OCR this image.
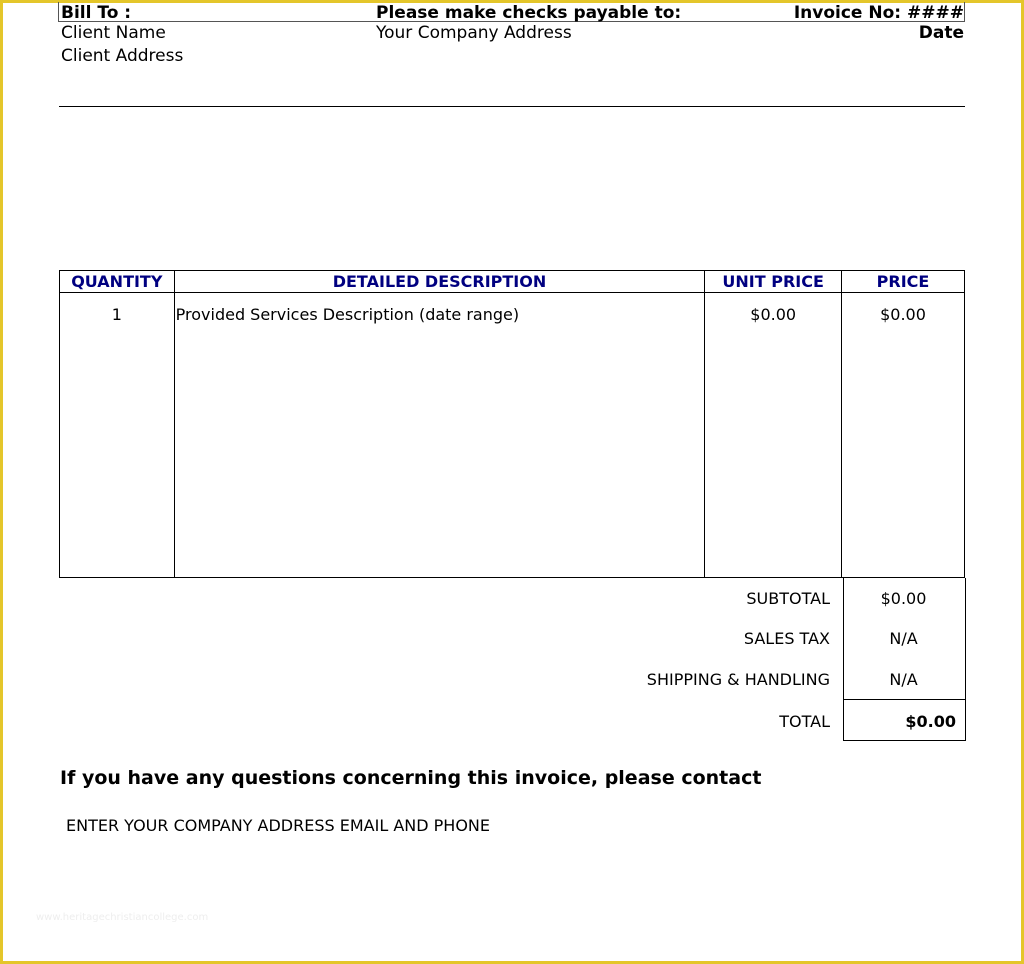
Bill To :
Client Name
Client Address
Please make checks payable to:
Your Company Address
Invoice No: ####
Date
QUANTITY	DETAILED DESCRIPTION	UNIT PRICE	PRICE
1	Provided Services Description (date range)	$0.00	$0.00
SUBTOTAL	$0.00
SALES TAX	N/A
SHIPPING & HANDLING	N/A
TOTAL	$0.00
If you have any questions concerning this invoice, please contact
ENTER YOUR COMPANY ADDRESS EMAIL AND PHONE
www.heritagechristiancollege.com
